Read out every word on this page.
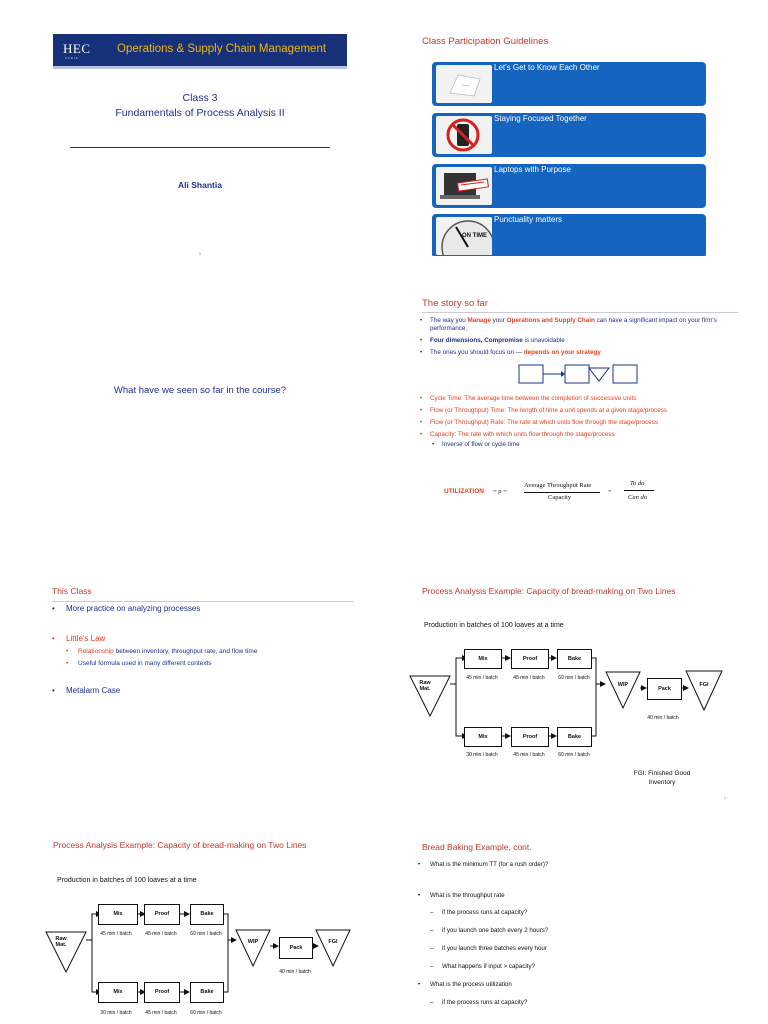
HEC
PARIS
Operations & Supply Chain Management
Class 3
Fundamentals of Process Analysis II
Ali Shantia
1
Class Participation Guidelines
Let's Get to Know Each Other
Staying Focused Together
Laptops with Purpose
ON TIME
Punctuality matters
3
What have we seen so far in the course?
The story so far
• The way you Manage your Operations and Supply Chain can have a significant impact on your firm's performance.
• Four dimensions, Compromise is unavoidable
• The ones you should focus on — depends on your strategy
• Cycle Time: The average time between the completion of successive units
• Flow (or Throughput) Time: The length of time a unit spends at a given stage/process
• Flow (or Throughput) Rate: The rate at which units flow through the stage/process
• Capacity: The rate with which units flow through the stage/process
• Inverse of flow or cycle time
UTILIZATION = ρ =
Average Throughput Rate
Capacity
=
To do
Can do
This Class
• More practice on analyzing processes
• Little's Law
• Relationship between inventory, throughput rate, and flow time
• Useful formula used in many different contexts
• Metalarm Case
Process Analysis Example: Capacity of bread-making on Two Lines
Production in batches of 100 loaves at a time
Raw Mat.
Mix	Proof	Bake
45 min / batch	45 min / batch	60 min / batch
Mix	Proof	Bake
30 min / batch	45 min / batch	60 min / batch
WIP
Pack
40 min / batch
FGI
FGI: Finished Good Inventory
7
Process Analysis Example: Capacity of bread-making on Two Lines
Production in batches of 100 loaves at a time
Raw Mat.
Mix	Proof	Bake
45 min / batch	45 min / batch	60 min / batch
Mix	Proof	Bake
30 min / batch	45 min / batch	60 min / batch
WIP
Pack
40 min / batch
FGI
Bread Baking Example, cont.
• What is the minimum TT (for a rush order)?
• What is the throughput rate
– if the process runs at capacity?
– if you launch one batch every 2 hours?
– if you launch three batches every hour
– What happens if input > capacity?
• What is the process utilization
– if the process runs at capacity?
